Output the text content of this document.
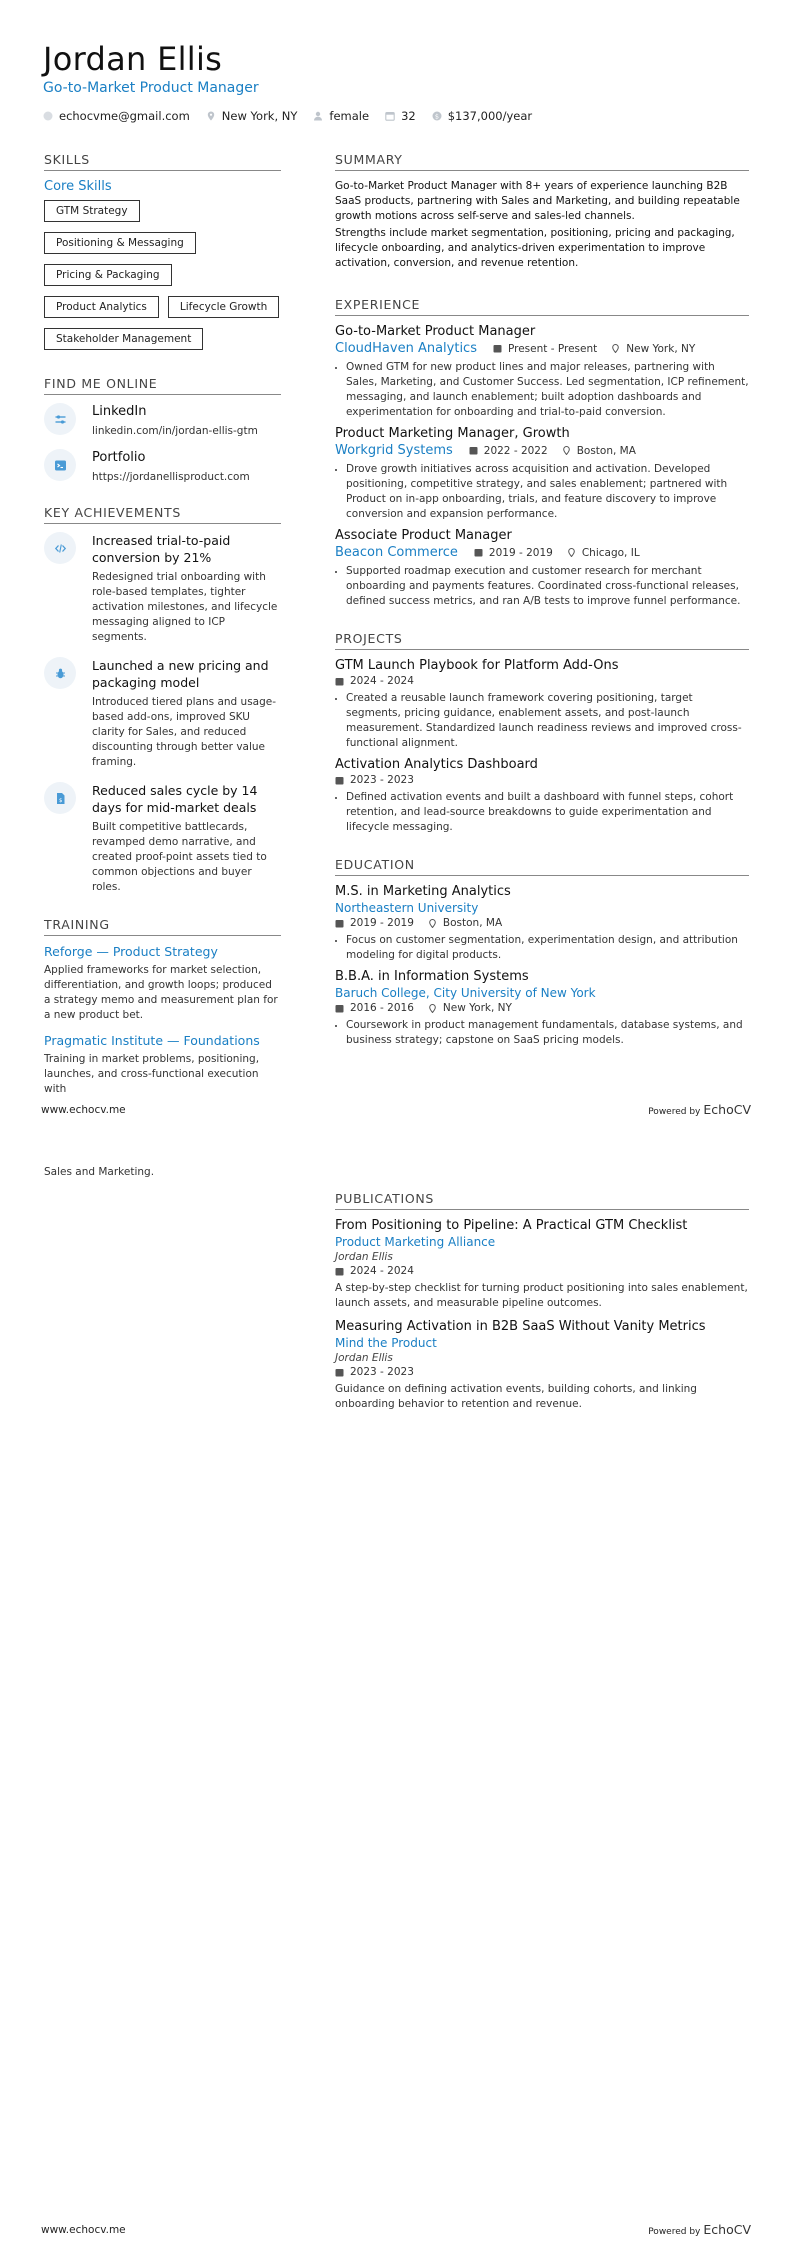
Jordan Ellis
Go-to-Market Product Manager
echocvme@gmail.com	New York, NY	female	32	$ $137,000/year
SKILLS
Core Skills
GTM Strategy
Positioning & Messaging
Pricing & Packaging
Product Analytics	Lifecycle Growth
Stakeholder Management
FIND ME ONLINE
LinkedIn
linkedin.com/in/jordan-ellis-gtm
Portfolio
https://jordanellisproduct.com
KEY ACHIEVEMENTS
Increased trial-to-paid conversion by 21%
Redesigned trial onboarding with role-based templates, tighter activation milestones, and lifecycle messaging aligned to ICP segments.
Launched a new pricing and packaging model
Introduced tiered plans and usage-based add-ons, improved SKU clarity for Sales, and reduced discounting through better value framing.
$
Reduced sales cycle by 14 days for mid-market deals
Built competitive battlecards, revamped demo narrative, and created proof-point assets tied to common objections and buyer roles.
TRAINING
Reforge — Product Strategy
Applied frameworks for market selection, differentiation, and growth loops; produced a strategy memo and measurement plan for a new product bet.
Pragmatic Institute — Foundations
Training in market problems, positioning, launches, and cross-functional execution with
SUMMARY

Go-to-Market Product Manager with 8+ years of experience launching B2B SaaS products, partnering with Sales and Marketing, and building repeatable growth motions across self-serve and sales-led channels.

Strengths include market segmentation, positioning, pricing and packaging, lifecycle onboarding, and analytics-driven experimentation to improve activation, conversion, and revenue retention.

EXPERIENCE
Go-to-Market Product Manager
CloudHaven Analytics	Present - Present	New York, NY
• Owned GTM for new product lines and major releases, partnering with Sales, Marketing, and Customer Success. Led segmentation, ICP refinement, messaging, and launch enablement; built adoption dashboards and experimentation for onboarding and trial-to-paid conversion.
Product Marketing Manager, Growth
Workgrid Systems	2022 - 2022	Boston, MA
• Drove growth initiatives across acquisition and activation. Developed positioning, competitive strategy, and sales enablement; partnered with Product on in-app onboarding, trials, and feature discovery to improve conversion and expansion performance.
Associate Product Manager
Beacon Commerce	2019 - 2019	Chicago, IL
• Supported roadmap execution and customer research for merchant onboarding and payments features. Coordinated cross-functional releases, defined success metrics, and ran A/B tests to improve funnel performance.
PROJECTS
GTM Launch Playbook for Platform Add-Ons
2024 - 2024
• Created a reusable launch framework covering positioning, target segments, pricing guidance, enablement assets, and post-launch measurement. Standardized launch readiness reviews and improved cross-functional alignment.
Activation Analytics Dashboard
2023 - 2023
• Defined activation events and built a dashboard with funnel steps, cohort retention, and lead-source breakdowns to guide experimentation and lifecycle messaging.
EDUCATION
M.S. in Marketing Analytics
Northeastern University
2019 - 2019	Boston, MA
• Focus on customer segmentation, experimentation design, and attribution modeling for digital products.
B.B.A. in Information Systems
Baruch College, City University of New York
2016 - 2016	New York, NY
• Coursework in product management fundamentals, database systems, and business strategy; capstone on SaaS pricing models.
www.echocv.me	Powered by EchoCV
Sales and Marketing.
PUBLICATIONS
From Positioning to Pipeline: A Practical GTM Checklist
Product Marketing Alliance
Jordan Ellis
2024 - 2024
A step-by-step checklist for turning product positioning into sales enablement, launch assets, and measurable pipeline outcomes.
Measuring Activation in B2B SaaS Without Vanity Metrics
Mind the Product
Jordan Ellis
2023 - 2023
Guidance on defining activation events, building cohorts, and linking onboarding behavior to retention and revenue.
www.echocv.me	Powered by EchoCV
